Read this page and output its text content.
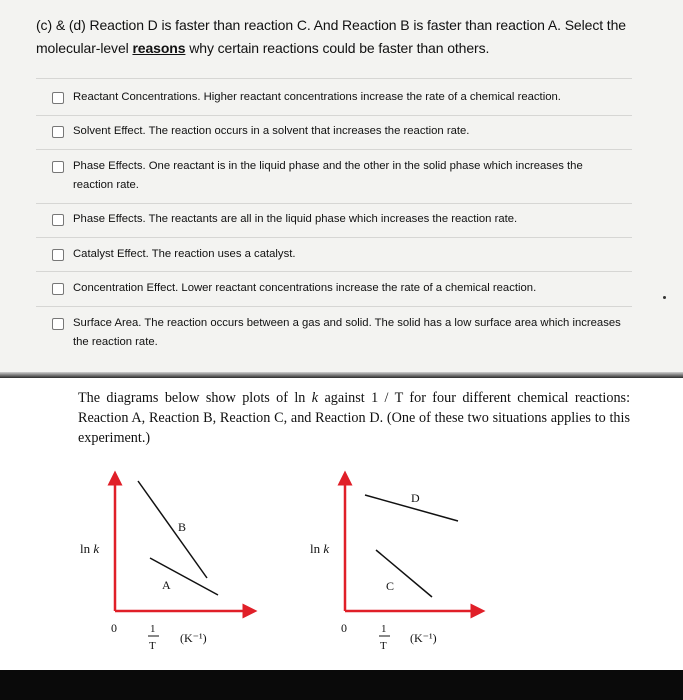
(c) & (d) Reaction D is faster than reaction C. And Reaction B is faster than reaction A. Select the molecular-level reasons why certain reactions could be faster than others.
Reactant Concentrations. Higher reactant concentrations increase the rate of a chemical reaction.
Solvent Effect. The reaction occurs in a solvent that increases the reaction rate.
Phase Effects. One reactant is in the liquid phase and the other in the solid phase which increases the reaction rate.
Phase Effects. The reactants are all in the liquid phase which increases the reaction rate.
Catalyst Effect. The reaction uses a catalyst.
Concentration Effect. Lower reactant concentrations increase the rate of a chemical reaction.
Surface Area. The reaction occurs between a gas and solid. The solid has a low surface area which increases the reaction rate.
The diagrams below show plots of ln k against 1 / T for four different chemical reactions: Reaction A, Reaction B, Reaction C, and Reaction D. (One of these two situations applies to this experiment.)
B
A
ln k
0	1
T
(K⁻¹)
D
C
ln k
0	1
T
(K⁻¹)
